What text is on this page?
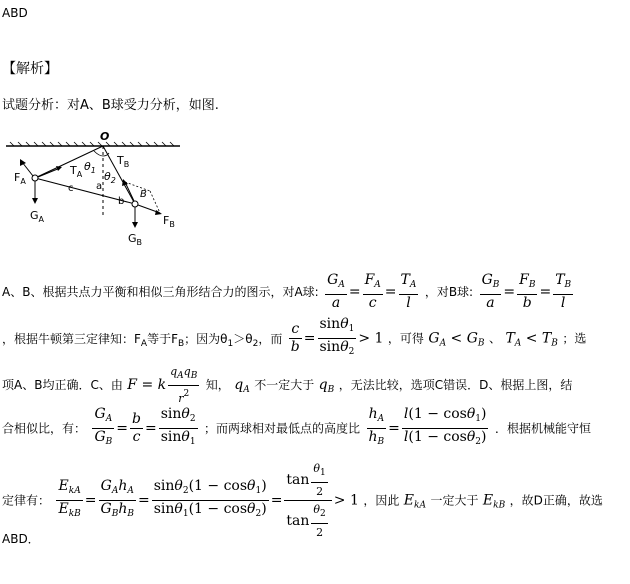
ABD
【解析】
试题分析：对A、B球受力分析，如图.
O
$F_A$
$T_A$
$\theta_1$ $\theta_2$
$T_B$
a
c
b
B
$G_A$
$G_B$
$F_B$
A、B、根据共点力平衡和相似三角形结合力的图示，对A球: $\frac{G_A}{a} = \frac{F_A}{c} = \frac{T_A}{l}$ ，对B球: $\frac{G_B}{a} = \frac{F_B}{b} = \frac{T_B}{l}$
，根据牛顿第三定律知：$F_A$等于$F_B$；因为$\theta_1>\theta_2$，而 $\frac{c}{b} = \frac{\sin\theta_1}{\sin\theta_2} > 1$ ，可得 $G_A < G_B$ 、 $T_A < T_B$ ；选
项A、B均正确．C、由 F = k $\frac{q_Aq_B}{r^2}$ 知， $q_A$ 不一定大于 $q_B$ ，无法比较，选项C错误．D、根据上图，结
合相似比，有： $\frac{G_A}{G_B} = \frac{b}{c} = \frac{\sin\theta_2}{\sin\theta_1}$ ；而两球相对最低点的高度比 $\frac{h_A}{h_B} = \frac{l(1 - \cos\theta_1)}{l(1 - \cos\theta_2)}$ ．根据机械能守恒
定律有： $\frac{E_{kA}}{E_{kB}} = \frac{G_Ah_A}{G_Bh_B} = \frac{\sin\theta_2(1 - \cos\theta_1)}{\sin\theta_1(1 - \cos\theta_2)} = \frac{\tan \frac{\theta_1}{2}}{\tan \frac{\theta_2}{2}} > 1$ ，因此 $E_{kA}$ 一定大于 $E_{kB}$ ，故D正确，故选
ABD．
